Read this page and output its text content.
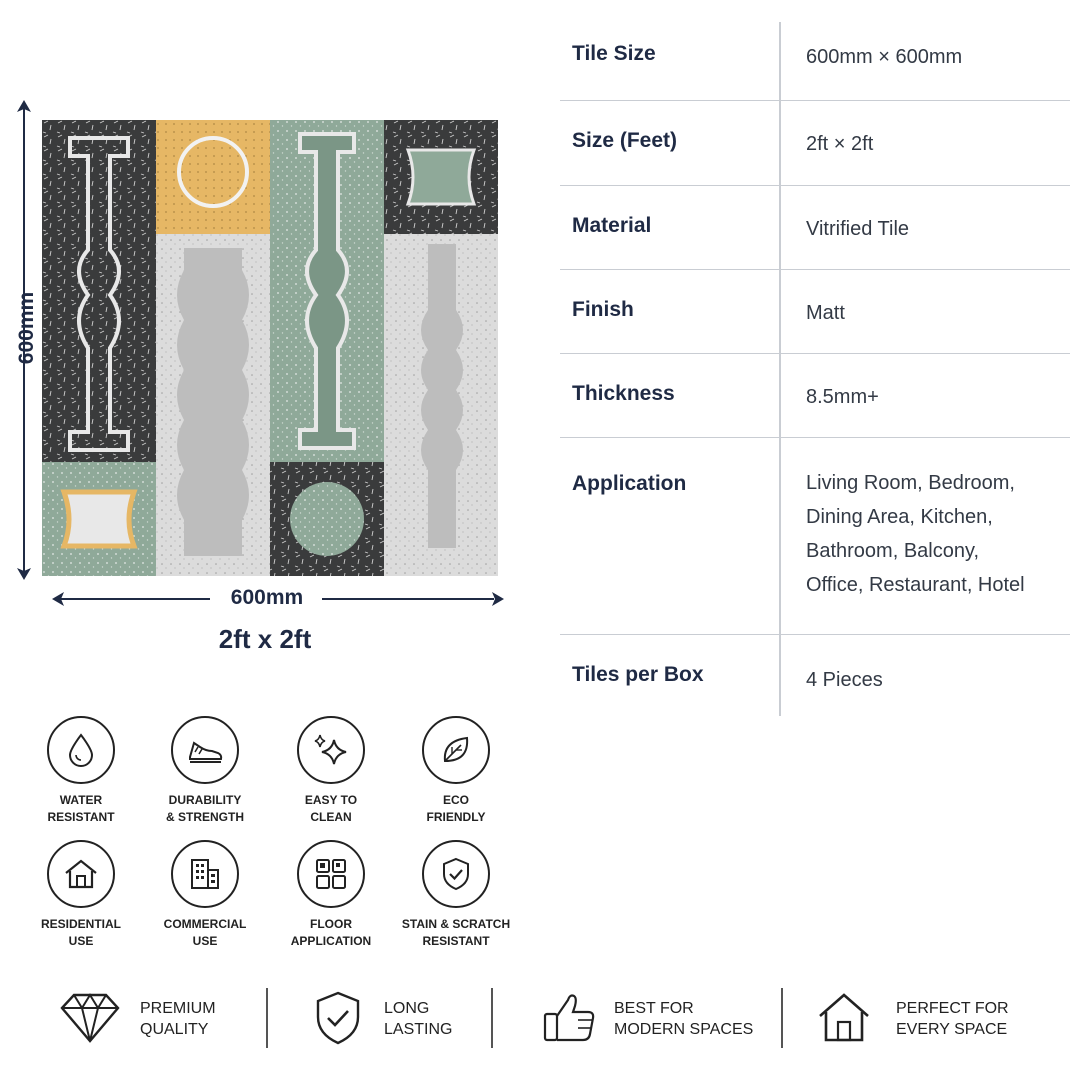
600mm
600mm
2ft x 2ft
Tile Size	600mm × 600mm
Size (Feet)	2ft × 2ft
Material	Vitrified Tile
Finish	Matt
Thickness	8.5mm+
Application	Living Room, Bedroom,
Dining Area, Kitchen,
Bathroom, Balcony,
Office, Restaurant, Hotel
Tiles per Box	4 Pieces
WATER
RESISTANT
DURABILITY
& STRENGTH
EASY TO
CLEAN
ECO
FRIENDLY
RESIDENTIAL
USE
COMMERCIAL
USE
FLOOR
APPLICATION
STAIN & SCRATCH
RESISTANT
PREMIUM
QUALITY
LONG
LASTING
BEST FOR
MODERN SPACES
PERFECT FOR
EVERY SPACE
